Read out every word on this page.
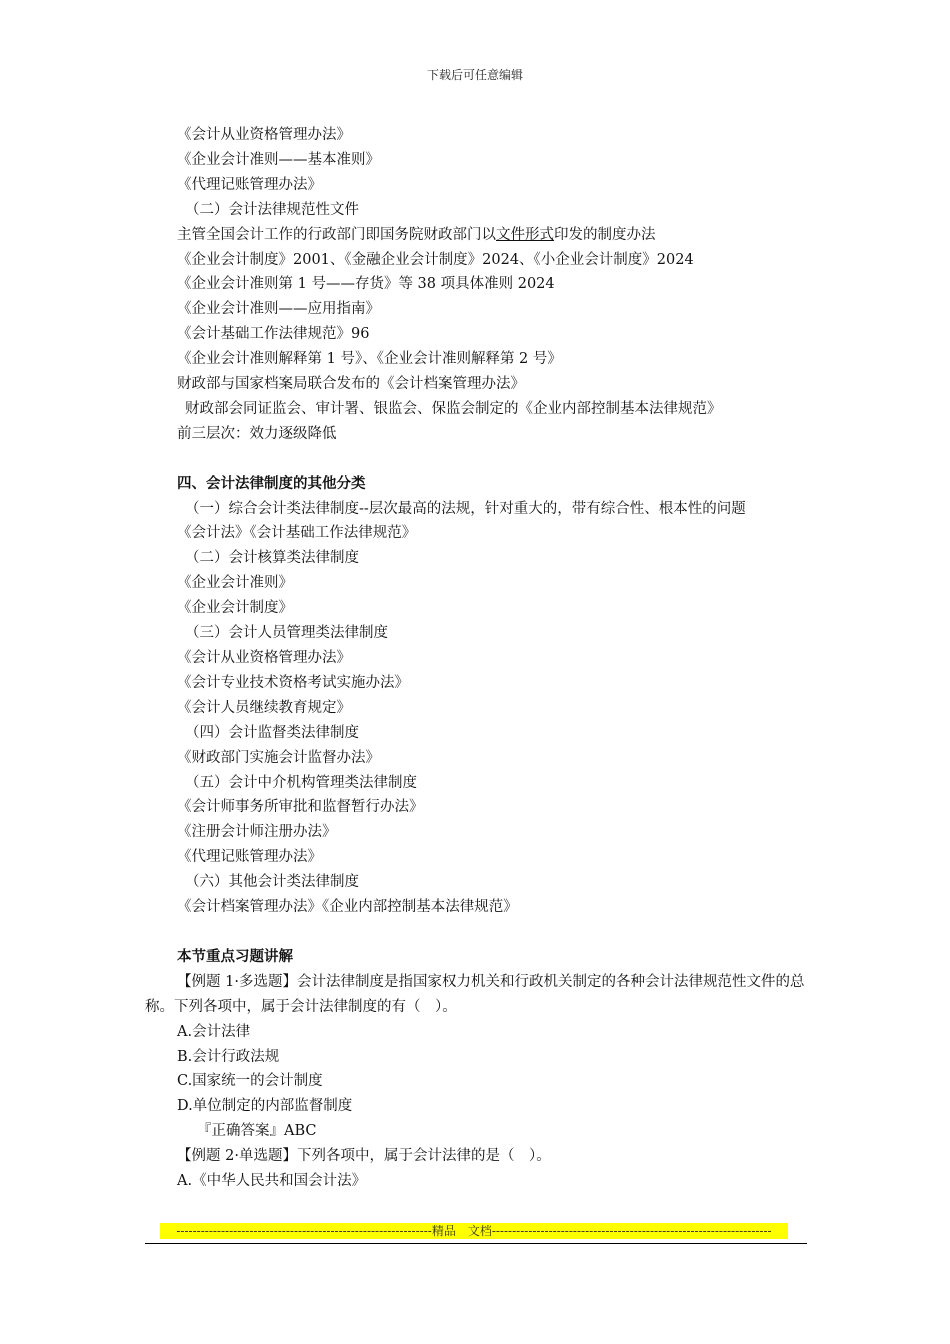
下载后可任意编辑
《会计从业资格管理办法》
《企业会计准则——基本准则》
《代理记账管理办法》
（二）会计法律规范性文件
主管全国会计工作的行政部门即国务院财政部门以文件形式印发的制度办法
《企业会计制度》2001、《金融企业会计制度》2024、《小企业会计制度》2024
《企业会计准则第 1 号——存货》等 38 项具体准则 2024
《企业会计准则——应用指南》
《会计基础工作法律规范》96
《企业会计准则解释第 1 号》、《企业会计准则解释第 2 号》
财政部与国家档案局联合发布的《会计档案管理办法》
财政部会同证监会、审计署、银监会、保监会制定的《企业内部控制基本法律规范》
前三层次：效力逐级降低
四、会计法律制度的其他分类
（一）综合会计类法律制度--层次最高的法规，针对重大的，带有综合性、根本性的问题
《会计法》《会计基础工作法律规范》
（二）会计核算类法律制度
《企业会计准则》
《企业会计制度》
（三）会计人员管理类法律制度
《会计从业资格管理办法》
《会计专业技术资格考试实施办法》
《会计人员继续教育规定》
（四）会计监督类法律制度
《财政部门实施会计监督办法》
（五）会计中介机构管理类法律制度
《会计师事务所审批和监督暂行办法》
《注册会计师注册办法》
《代理记账管理办法》
（六）其他会计类法律制度
《会计档案管理办法》《企业内部控制基本法律规范》
本节重点习题讲解
【例题 1·多选题】会计法律制度是指国家权力机关和行政机关制定的各种会计法律规范性文件的总称。下列各项中，属于会计法律制度的有（　）。
A.会计法律
B.会计行政法规
C.国家统一的会计制度
D.单位制定的内部监督制度
『正确答案』ABC
【例题 2·单选题】下列各项中，属于会计法律的是（　）。
A.《中华人民共和国会计法》
---------------------------------------------------------------精品　文档---------------------------------------------------------------------
